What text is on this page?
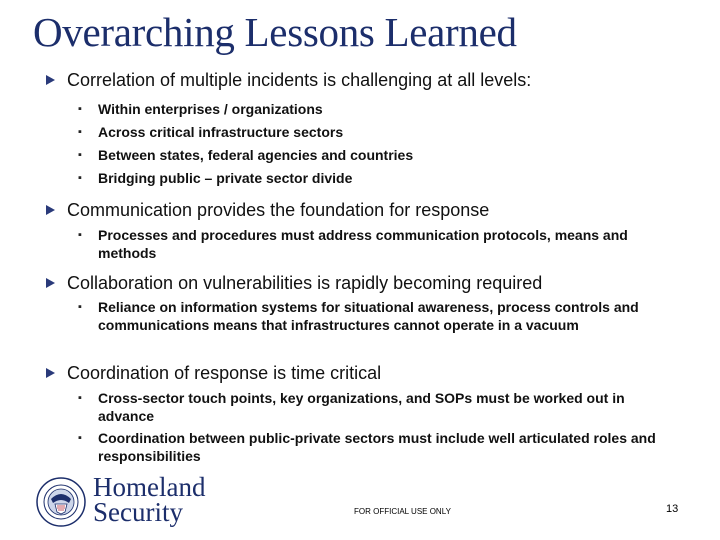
Overarching Lessons Learned
Correlation of multiple incidents is challenging at all levels:
▪ Within enterprises / organizations
▪ Across critical infrastructure sectors
▪ Between states, federal agencies and countries
▪ Bridging public – private sector divide
Communication provides the foundation for response
▪ Processes and procedures must address communication protocols, means and methods
Collaboration on vulnerabilities is rapidly becoming required
▪ Reliance on information systems for situational awareness, process controls and communications means that infrastructures cannot operate in a vacuum
Coordination of response is time critical
▪ Cross-sector touch points, key organizations, and SOPs must be worked out in advance
▪ Coordination between public-private sectors must include well articulated roles and responsibilities
Homeland
Security	FOR OFFICIAL USE ONLY	13
